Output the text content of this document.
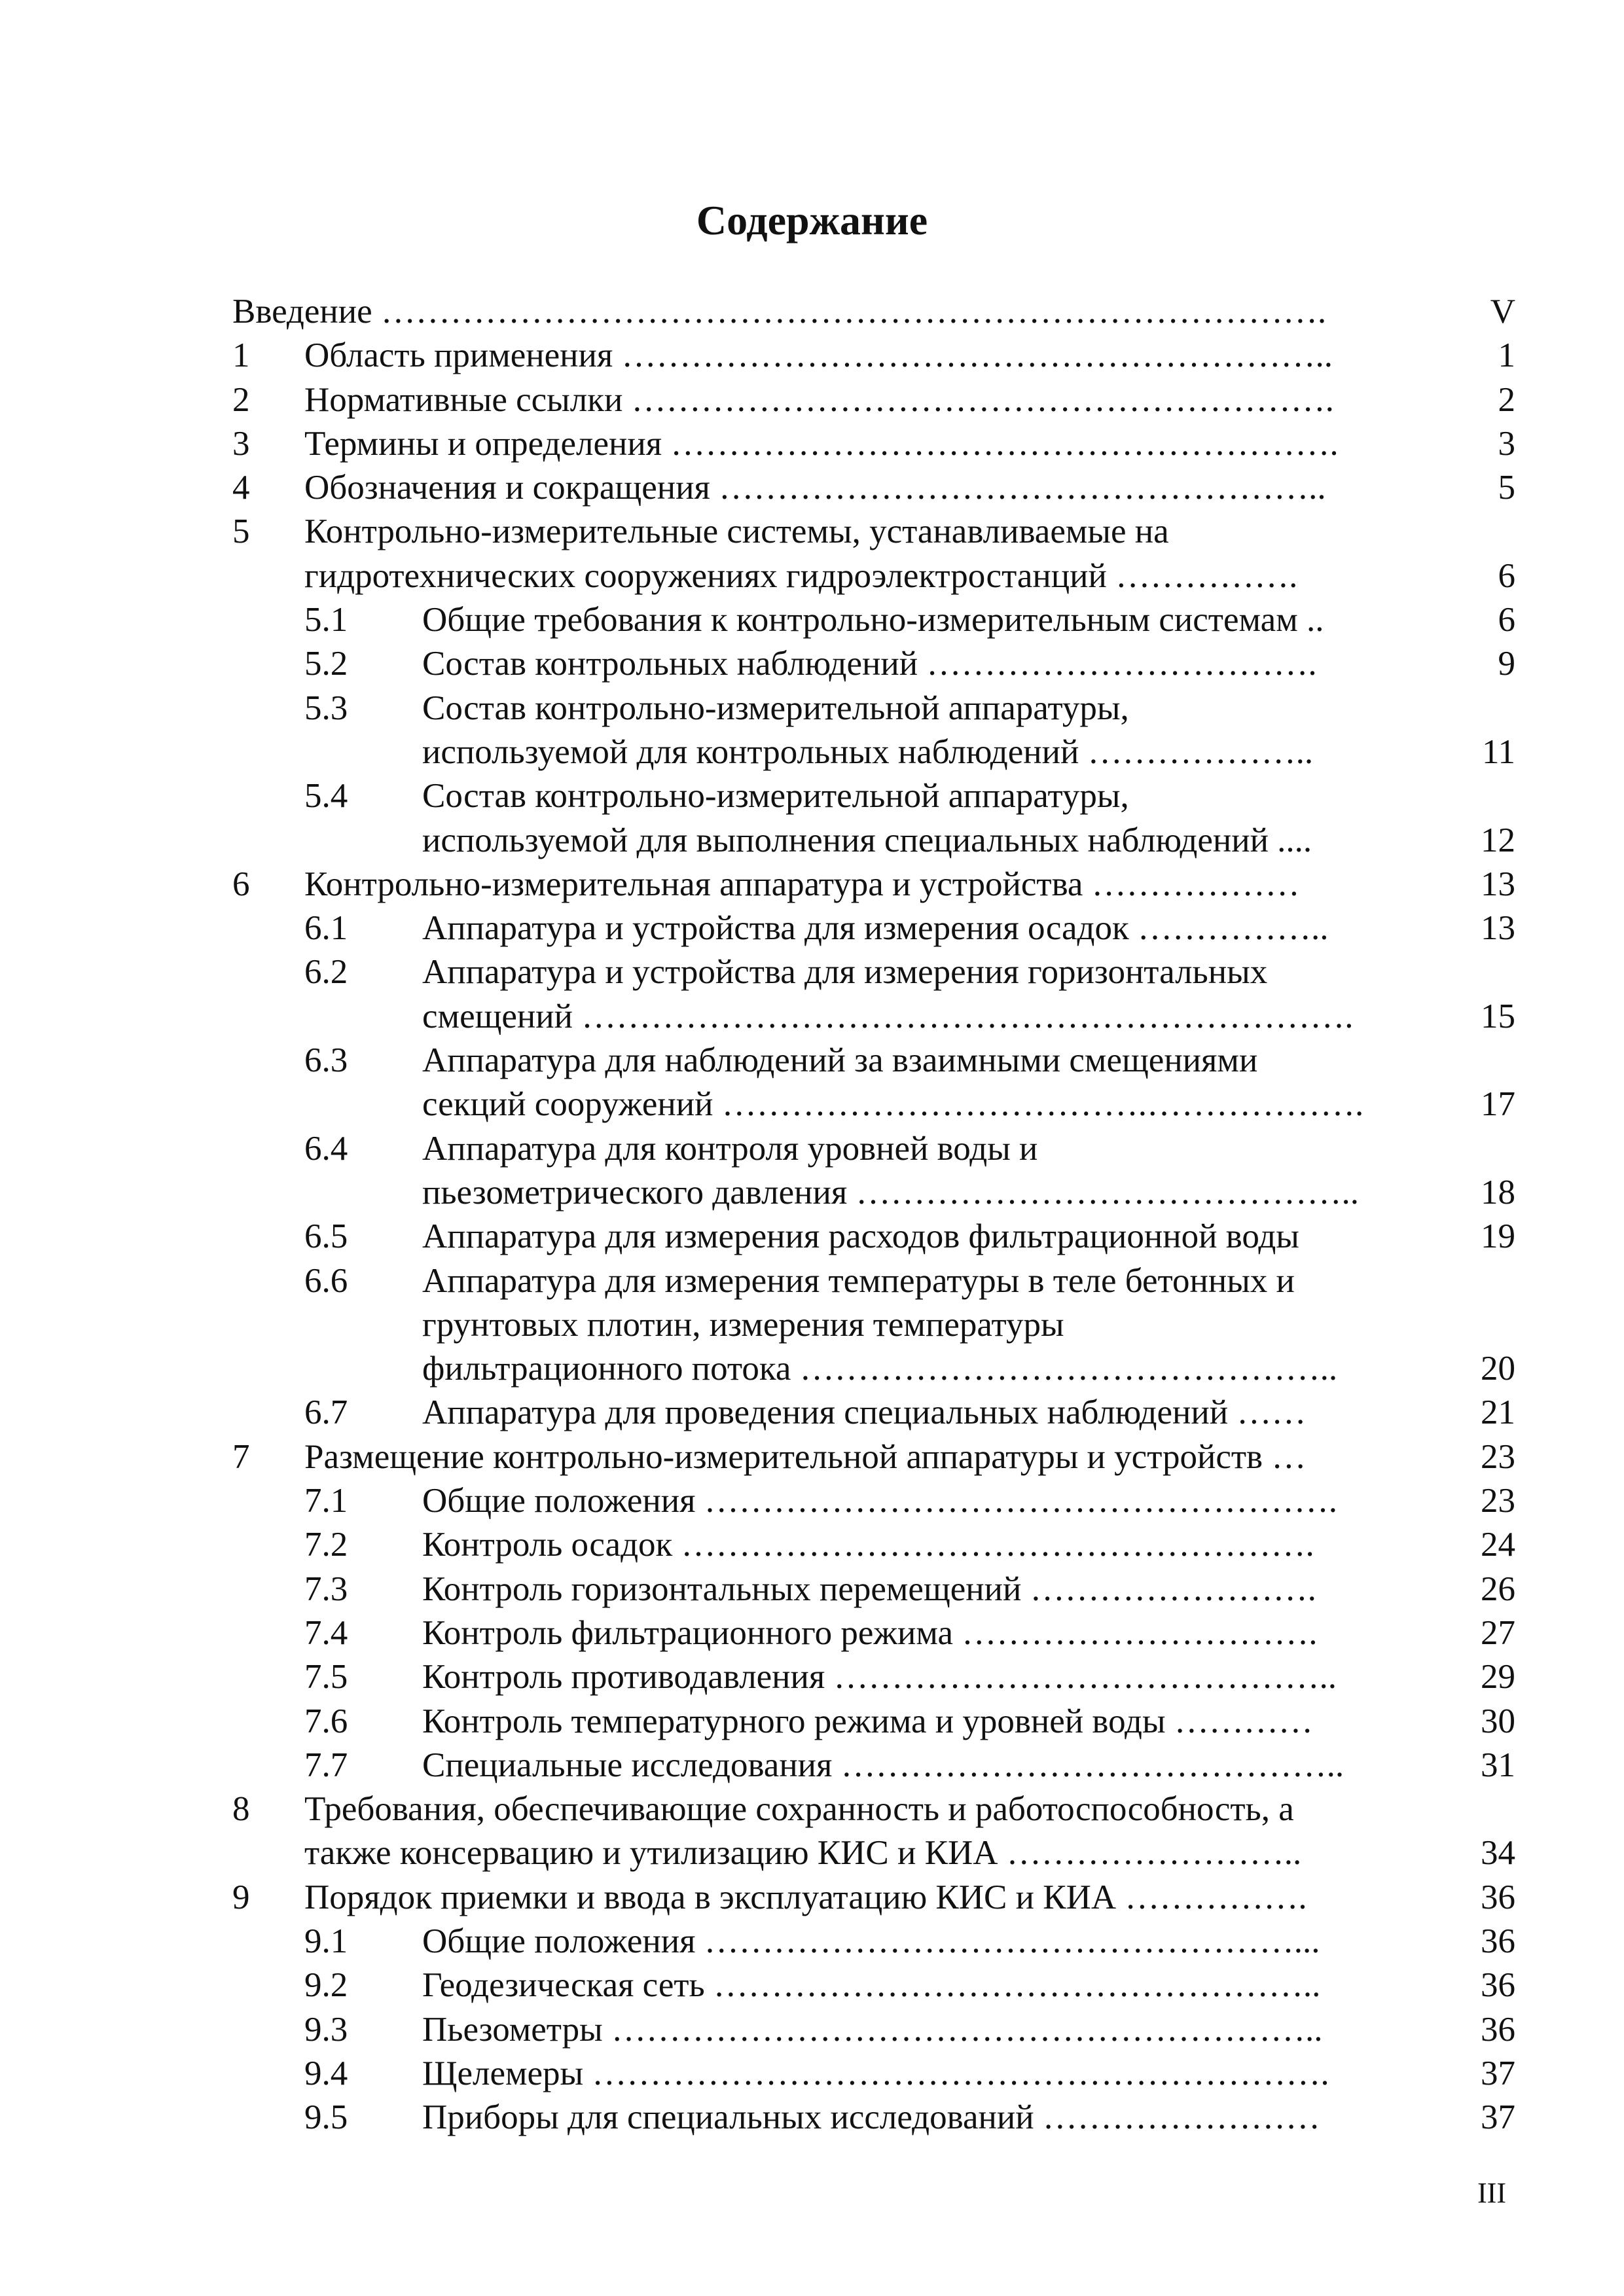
Содержание
Введение ……………………………………………………………………….	V
1 Область применения ……………………………………………………..	1
2 Нормативные ссылки …………………………………………………….	2
3 Термины и определения ………………………………………………….	3
4 Обозначения и сокращения ……………………………………………..	5
5 Контрольно-измерительные системы, устанавливаемые на
гидротехнических сооружениях гидроэлектростанций …………….	6
5.1 Общие требования к контрольно-измерительным системам ..	6
5.2 Состав контрольных наблюдений …………………………….	9
5.3 Состав контрольно-измерительной аппаратуры,
используемой для контрольных наблюдений ………………..	11
5.4 Состав контрольно-измерительной аппаратуры,
используемой для выполнения специальных наблюдений ....	12
6 Контрольно-измерительная аппаратура и устройства ………………	13
6.1 Аппаратура и устройства для измерения осадок ……………..	13
6.2 Аппаратура и устройства для измерения горизонтальных
смещений ………………………………………………………….	15
6.3 Аппаратура для наблюдений за взаимными смещениями
секций сооружений ……………………………….……………….	17
6.4 Аппаратура для контроля уровней воды и
пьезометрического давления ……………………………………..	18
6.5 Аппаратура для измерения расходов фильтрационной воды	19
6.6 Аппаратура для измерения температуры в теле бетонных и
грунтовых плотин, измерения температуры
фильтрационного потока ………………………………………..	20
6.7 Аппаратура для проведения специальных наблюдений ……	21
7 Размещение контрольно-измерительной аппаратуры и устройств …	23
7.1 Общие положения ……………………………………………….	23
7.2 Контроль осадок ……………………………………………….	24
7.3 Контроль горизонтальных перемещений …………………….	26
7.4 Контроль фильтрационного режима ………………………….	27
7.5 Контроль противодавления ……………………………………..	29
7.6 Контроль температурного режима и уровней воды …………	30
7.7 Специальные исследования ……………………………………..	31
8 Требования, обеспечивающие сохранность и работоспособность, а
также консервацию и утилизацию КИС и КИА ……………………..	34
9 Порядок приемки и ввода в эксплуатацию КИС и КИА …………….	36
9.1 Общие положения ……………………………………………...	36
9.2 Геодезическая сеть ……………………………………………..	36
9.3 Пьезометры ……………………………………………………..	36
9.4 Щелемеры ……………………………………………………….	37
9.5 Приборы для специальных исследований ……………………	37
III
